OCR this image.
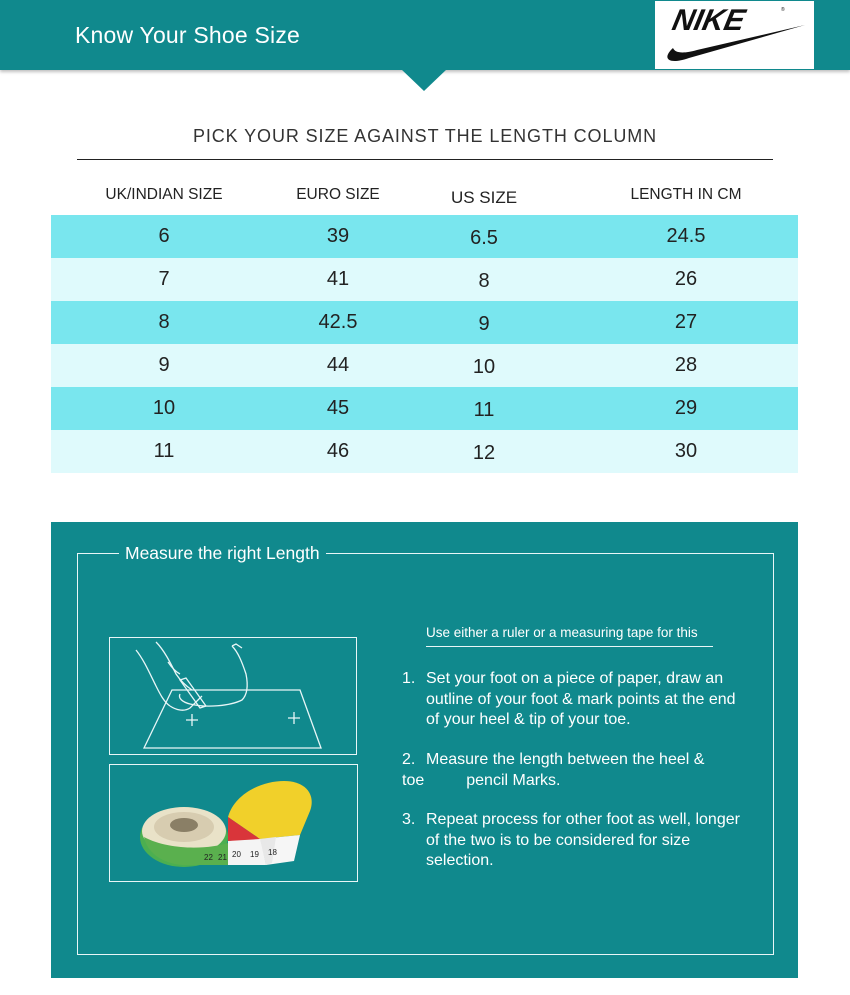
Know Your Shoe Size	NIKE	®
PICK YOUR SIZE AGAINST THE LENGTH COLUMN
UK/INDIAN SIZE	EURO SIZE	US SIZE	LENGTH IN CM
6	39	6.5	24.5
7	41	8	26
8	42.5	9	27
9	44	10	28
10	45	11	29
11	46	12	30
Measure the right Length
22 21 20 19 18
Use either a ruler or a measuring tape for this
1. Set your foot on a piece of paper, draw an outline of your foot & mark points at the end of your heel & tip of your toe.
2. Measure the length between the heel &
toe	pencil Marks.
3. Repeat process for other foot as well, longer of the two is to be considered for size selection.
